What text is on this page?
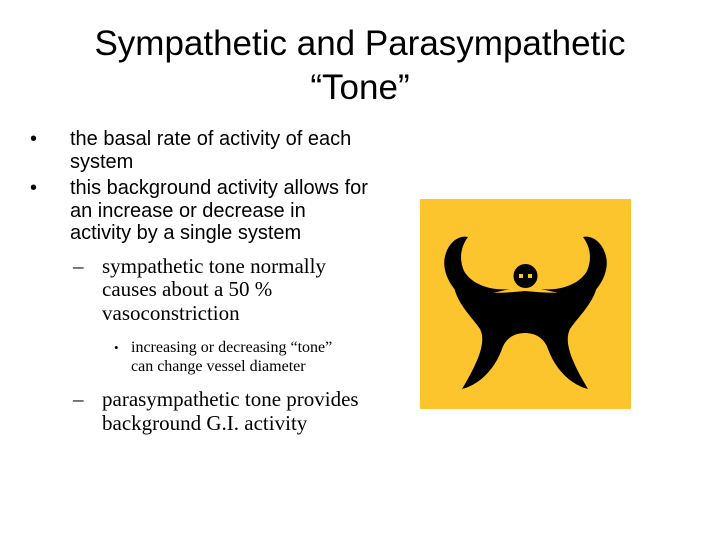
Sympathetic and Parasympathetic
“Tone”
• the basal rate of activity of each system
• this background activity allows for an increase or decrease in activity by a single system
– sympathetic tone normally causes about a 50 % vasoconstriction
• increasing or decreasing “tone” can change vessel diameter
– parasympathetic tone provides background G.I. activity
